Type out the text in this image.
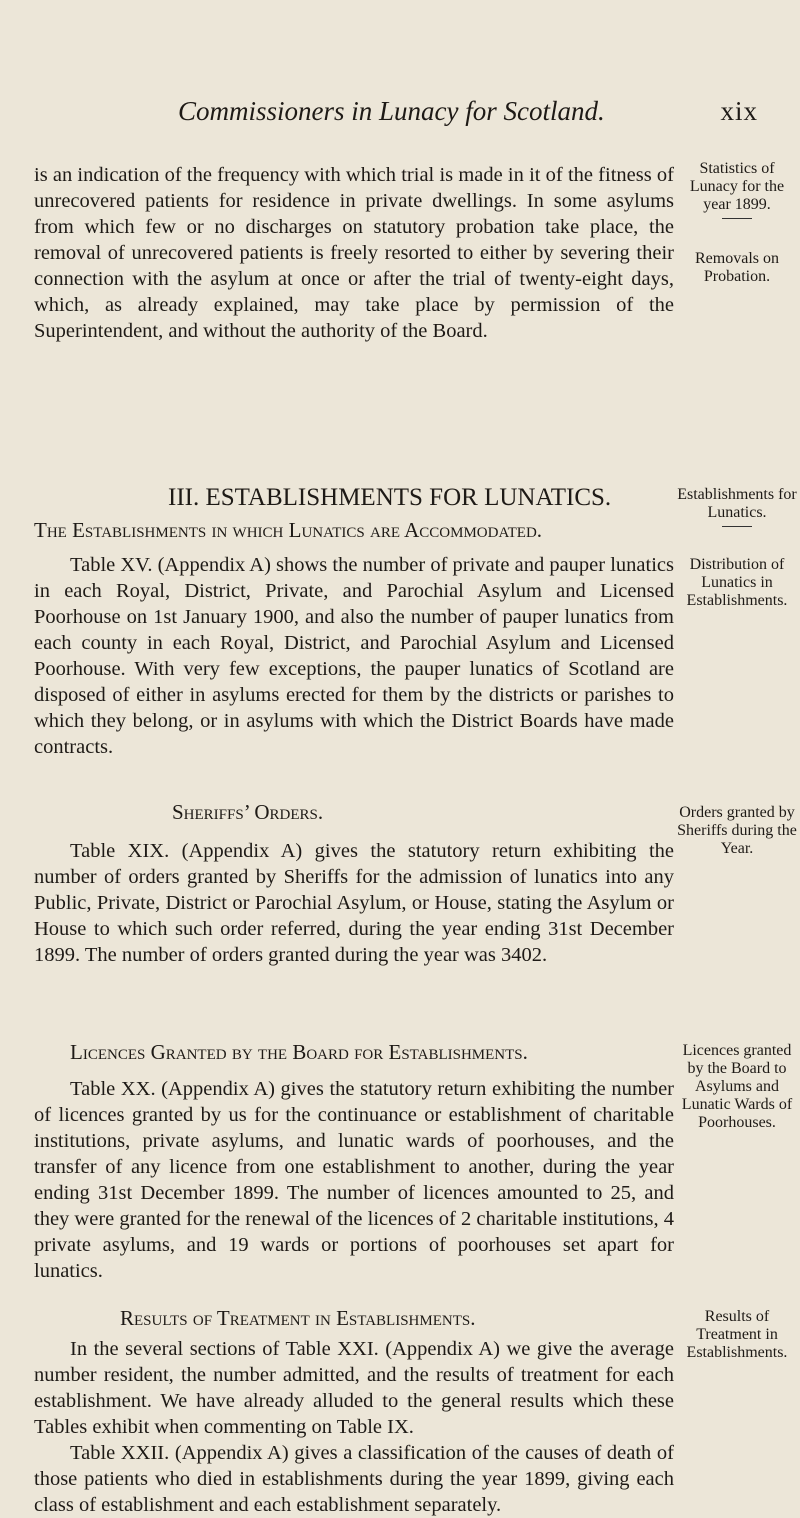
Commissioners in Lunacy for Scotland.	xix

is an indication of the frequency with which trial is made in it of the fitness of unrecovered patients for residence in private dwellings. In some asylums from which few or no discharges on statutory probation take place, the removal of unrecovered patients is freely resorted to either by severing their connection with the asylum at once or after the trial of twenty-eight days, which, as already explained, may take place by permission of the Superintendent, and without the authority of the Board.

III. ESTABLISHMENTS FOR LUNATICS.
The Establishments in which Lunatics are Accommodated.

Table XV. (Appendix A) shows the number of private and pauper lunatics in each Royal, District, Private, and Parochial Asylum and Licensed Poorhouse on 1st January 1900, and also the number of pauper lunatics from each county in each Royal, District, and Parochial Asylum and Licensed Poorhouse. With very few exceptions, the pauper lunatics of Scotland are disposed of either in asylums erected for them by the districts or parishes to which they belong, or in asylums with which the District Boards have made contracts.

Sheriffs’ Orders.

Table XIX. (Appendix A) gives the statutory return exhibiting the number of orders granted by Sheriffs for the admission of lunatics into any Public, Private, District or Parochial Asylum, or House, stating the Asylum or House to which such order referred, during the year ending 31st December 1899. The number of orders granted during the year was 3402.

Licences Granted by the Board for Establishments.

Table XX. (Appendix A) gives the statutory return exhibiting the number of licences granted by us for the continuance or establishment of charitable institutions, private asylums, and lunatic wards of poorhouses, and the transfer of any licence from one establishment to another, during the year ending 31st December 1899. The number of licences amounted to 25, and they were granted for the renewal of the licences of 2 charitable institutions, 4 private asylums, and 19 wards or portions of poorhouses set apart for lunatics.

Results of Treatment in Establishments.

In the several sections of Table XXI. (Appendix A) we give the average number resident, the number admitted, and the results of treatment for each establishment. We have already alluded to the general results which these Tables exhibit when commenting on Table IX.

Table XXII. (Appendix A) gives a classification of the causes of death of those patients who died in establishments during the year 1899, giving each class of establishment and each establishment separately.

Statistics of Lunacy for the year 1899.
Removals on Probation.
Establishments for Lunatics.
Distribution of Lunatics in Establishments.
Orders granted by Sheriffs during the Year.
Licences granted by the Board to Asylums and Lunatic Wards of Poorhouses.
Results of Treatment in Establishments.
